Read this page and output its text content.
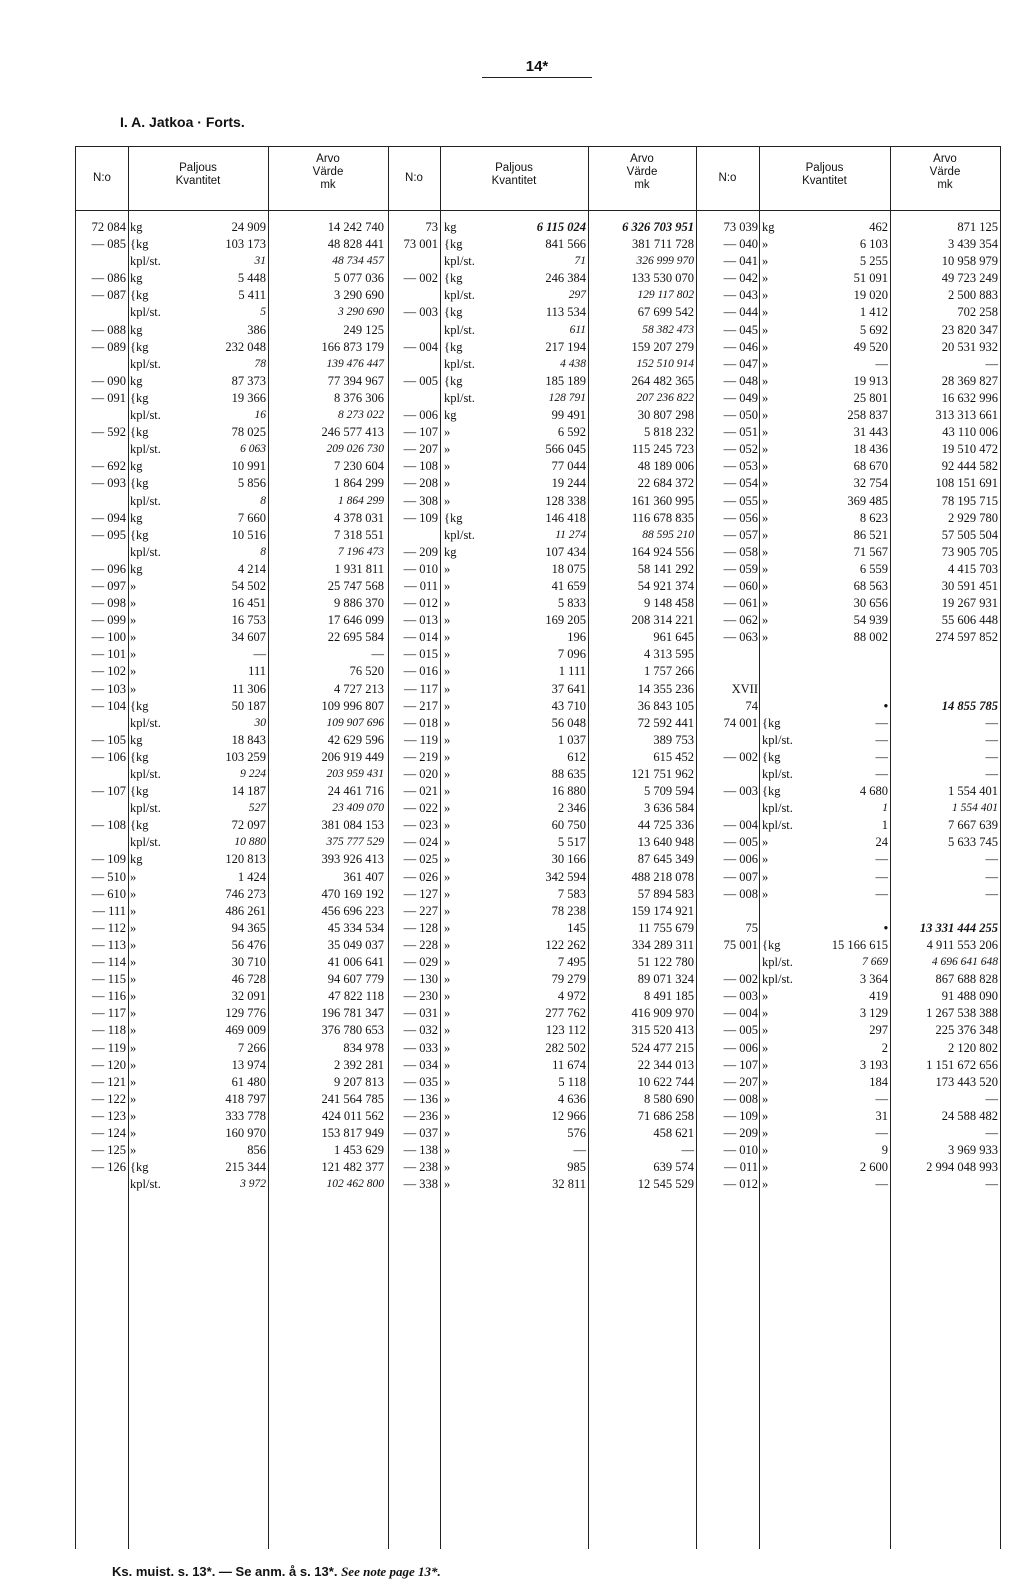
14*
I. A. Jatkoa · Forts.
N:o
Paljous
Kvantitet
Arvo
Värde
mk
N:o
Paljous
Kvantitet
Arvo
Värde
mk
N:o
Paljous
Kvantitet
Arvo
Värde
mk
72 084 kg	24 909	14 242 740
— 085 {kg	103 173	48 828 441
kpl/st.	31	48 734 457
— 086 kg	5 448	5 077 036
— 087 {kg	5 411	3 290 690
kpl/st.	5	3 290 690
— 088 kg	386	249 125
— 089 {kg	232 048	166 873 179
kpl/st.	78	139 476 447
— 090 kg	87 373	77 394 967
— 091 {kg	19 366	8 376 306
kpl/st.	16	8 273 022
— 592 {kg	78 025	246 577 413
kpl/st.	6 063	209 026 730
— 692 kg	10 991	7 230 604
— 093 {kg	5 856	1 864 299
kpl/st.	8	1 864 299
— 094 kg	7 660	4 378 031
— 095 {kg	10 516	7 318 551
kpl/st.	8	7 196 473
— 096 kg	4 214	1 931 811
— 097 »	54 502	25 747 568
— 098 »	16 451	9 886 370
— 099 »	16 753	17 646 099
— 100 »	34 607	22 695 584
— 101 »	—	—
— 102 »	111	76 520
— 103 »	11 306	4 727 213
— 104 {kg	50 187	109 996 807
kpl/st.	30	109 907 696
— 105 kg	18 843	42 629 596
— 106 {kg	103 259	206 919 449
kpl/st.	9 224	203 959 431
— 107 {kg	14 187	24 461 716
kpl/st.	527	23 409 070
— 108 {kg	72 097	381 084 153
kpl/st.	10 880	375 777 529
— 109 kg	120 813	393 926 413
— 510 »	1 424	361 407
— 610 »	746 273	470 169 192
— 111 »	486 261	456 696 223
— 112 »	94 365	45 334 534
— 113 »	56 476	35 049 037
— 114 »	30 710	41 006 641
— 115 »	46 728	94 607 779
— 116 »	32 091	47 822 118
— 117 »	129 776	196 781 347
— 118 »	469 009	376 780 653
— 119 »	7 266	834 978
— 120 »	13 974	2 392 281
— 121 »	61 480	9 207 813
— 122 »	418 797	241 564 785
— 123 »	333 778	424 011 562
— 124 »	160 970	153 817 949
— 125 »	856	1 453 629
— 126 {kg	215 344	121 482 377
kpl/st.	3 972	102 462 800
73 kg	6 115 024	6 326 703 951
73 001 {kg	841 566	381 711 728
kpl/st.	71	326 999 970
— 002 {kg	246 384	133 530 070
kpl/st.	297	129 117 802
— 003 {kg	113 534	67 699 542
kpl/st.	611	58 382 473
— 004 {kg	217 194	159 207 279
kpl/st.	4 438	152 510 914
— 005 {kg	185 189	264 482 365
kpl/st.	128 791	207 236 822
— 006 kg	99 491	30 807 298
— 107 »	6 592	5 818 232
— 207 »	566 045	115 245 723
— 108 »	77 044	48 189 006
— 208 »	19 244	22 684 372
— 308 »	128 338	161 360 995
— 109 {kg	146 418	116 678 835
kpl/st.	11 274	88 595 210
— 209 kg	107 434	164 924 556
— 010 »	18 075	58 141 292
— 011 »	41 659	54 921 374
— 012 »	5 833	9 148 458
— 013 »	169 205	208 314 221
— 014 »	196	961 645
— 015 »	7 096	4 313 595
— 016 »	1 111	1 757 266
— 117 »	37 641	14 355 236
— 217 »	43 710	36 843 105
— 018 »	56 048	72 592 441
— 119 »	1 037	389 753
— 219 »	612	615 452
— 020 »	88 635	121 751 962
— 021 »	16 880	5 709 594
— 022 »	2 346	3 636 584
— 023 »	60 750	44 725 336
— 024 »	5 517	13 640 948
— 025 »	30 166	87 645 349
— 026 »	342 594	488 218 078
— 127 »	7 583	57 894 583
— 227 »	78 238	159 174 921
— 128 »	145	11 755 679
— 228 »	122 262	334 289 311
— 029 »	7 495	51 122 780
— 130 »	79 279	89 071 324
— 230 »	4 972	8 491 185
— 031 »	277 762	416 909 970
— 032 »	123 112	315 520 413
— 033 »	282 502	524 477 215
— 034 »	11 674	22 344 013
— 035 »	5 118	10 622 744
— 136 »	4 636	8 580 690
— 236 »	12 966	71 686 258
— 037 »	576	458 621
— 138 »	—	—
— 238 »	985	639 574
— 338 »	32 811	12 545 529
73 039 kg	462	871 125
— 040 »	6 103	3 439 354
— 041 »	5 255	10 958 979
— 042 »	51 091	49 723 249
— 043 »	19 020	2 500 883
— 044 »	1 412	702 258
— 045 »	5 692	23 820 347
— 046 »	49 520	20 531 932
— 047 »	—	—
— 048 »	19 913	28 369 827
— 049 »	25 801	16 632 996
— 050 »	258 837	313 313 661
— 051 »	31 443	43 110 006
— 052 »	18 436	19 510 472
— 053 »	68 670	92 444 582
— 054 »	32 754	108 151 691
— 055 »	369 485	78 195 715
— 056 »	8 623	2 929 780
— 057 »	86 521	57 505 504
— 058 »	71 567	73 905 705
— 059 »	6 559	4 415 703
— 060 »	68 563	30 591 451
— 061 »	30 656	19 267 931
— 062 »	54 939	55 606 448
— 063 »	88 002	274 597 852
XVII
74	•	14 855 785
74 001 {kg	—	—
kpl/st.	—	—
— 002 {kg	—	—
kpl/st.	—	—
— 003 {kg	4 680	1 554 401
kpl/st.	1	1 554 401
— 004 kpl/st.	1	7 667 639
— 005 »	24	5 633 745
— 006 »	—	—
— 007 »	—	—
— 008 »	—	—
75	•	13 331 444 255
75 001 {kg	15 166 615	4 911 553 206
kpl/st.	7 669	4 696 641 648
— 002 kpl/st.	3 364	867 688 828
— 003 »	419	91 488 090
— 004 »	3 129	1 267 538 388
— 005 »	297	225 376 348
— 006 »	2	2 120 802
— 107 »	3 193	1 151 672 656
— 207 »	184	173 443 520
— 008 »	—	—
— 109 »	31	24 588 482
— 209 »	—	—
— 010 »	9	3 969 933
— 011 »	2 600	2 994 048 993
— 012 »	—	—
Ks. muist. s. 13*. — Se anm. å s. 13*. See note page 13*.
